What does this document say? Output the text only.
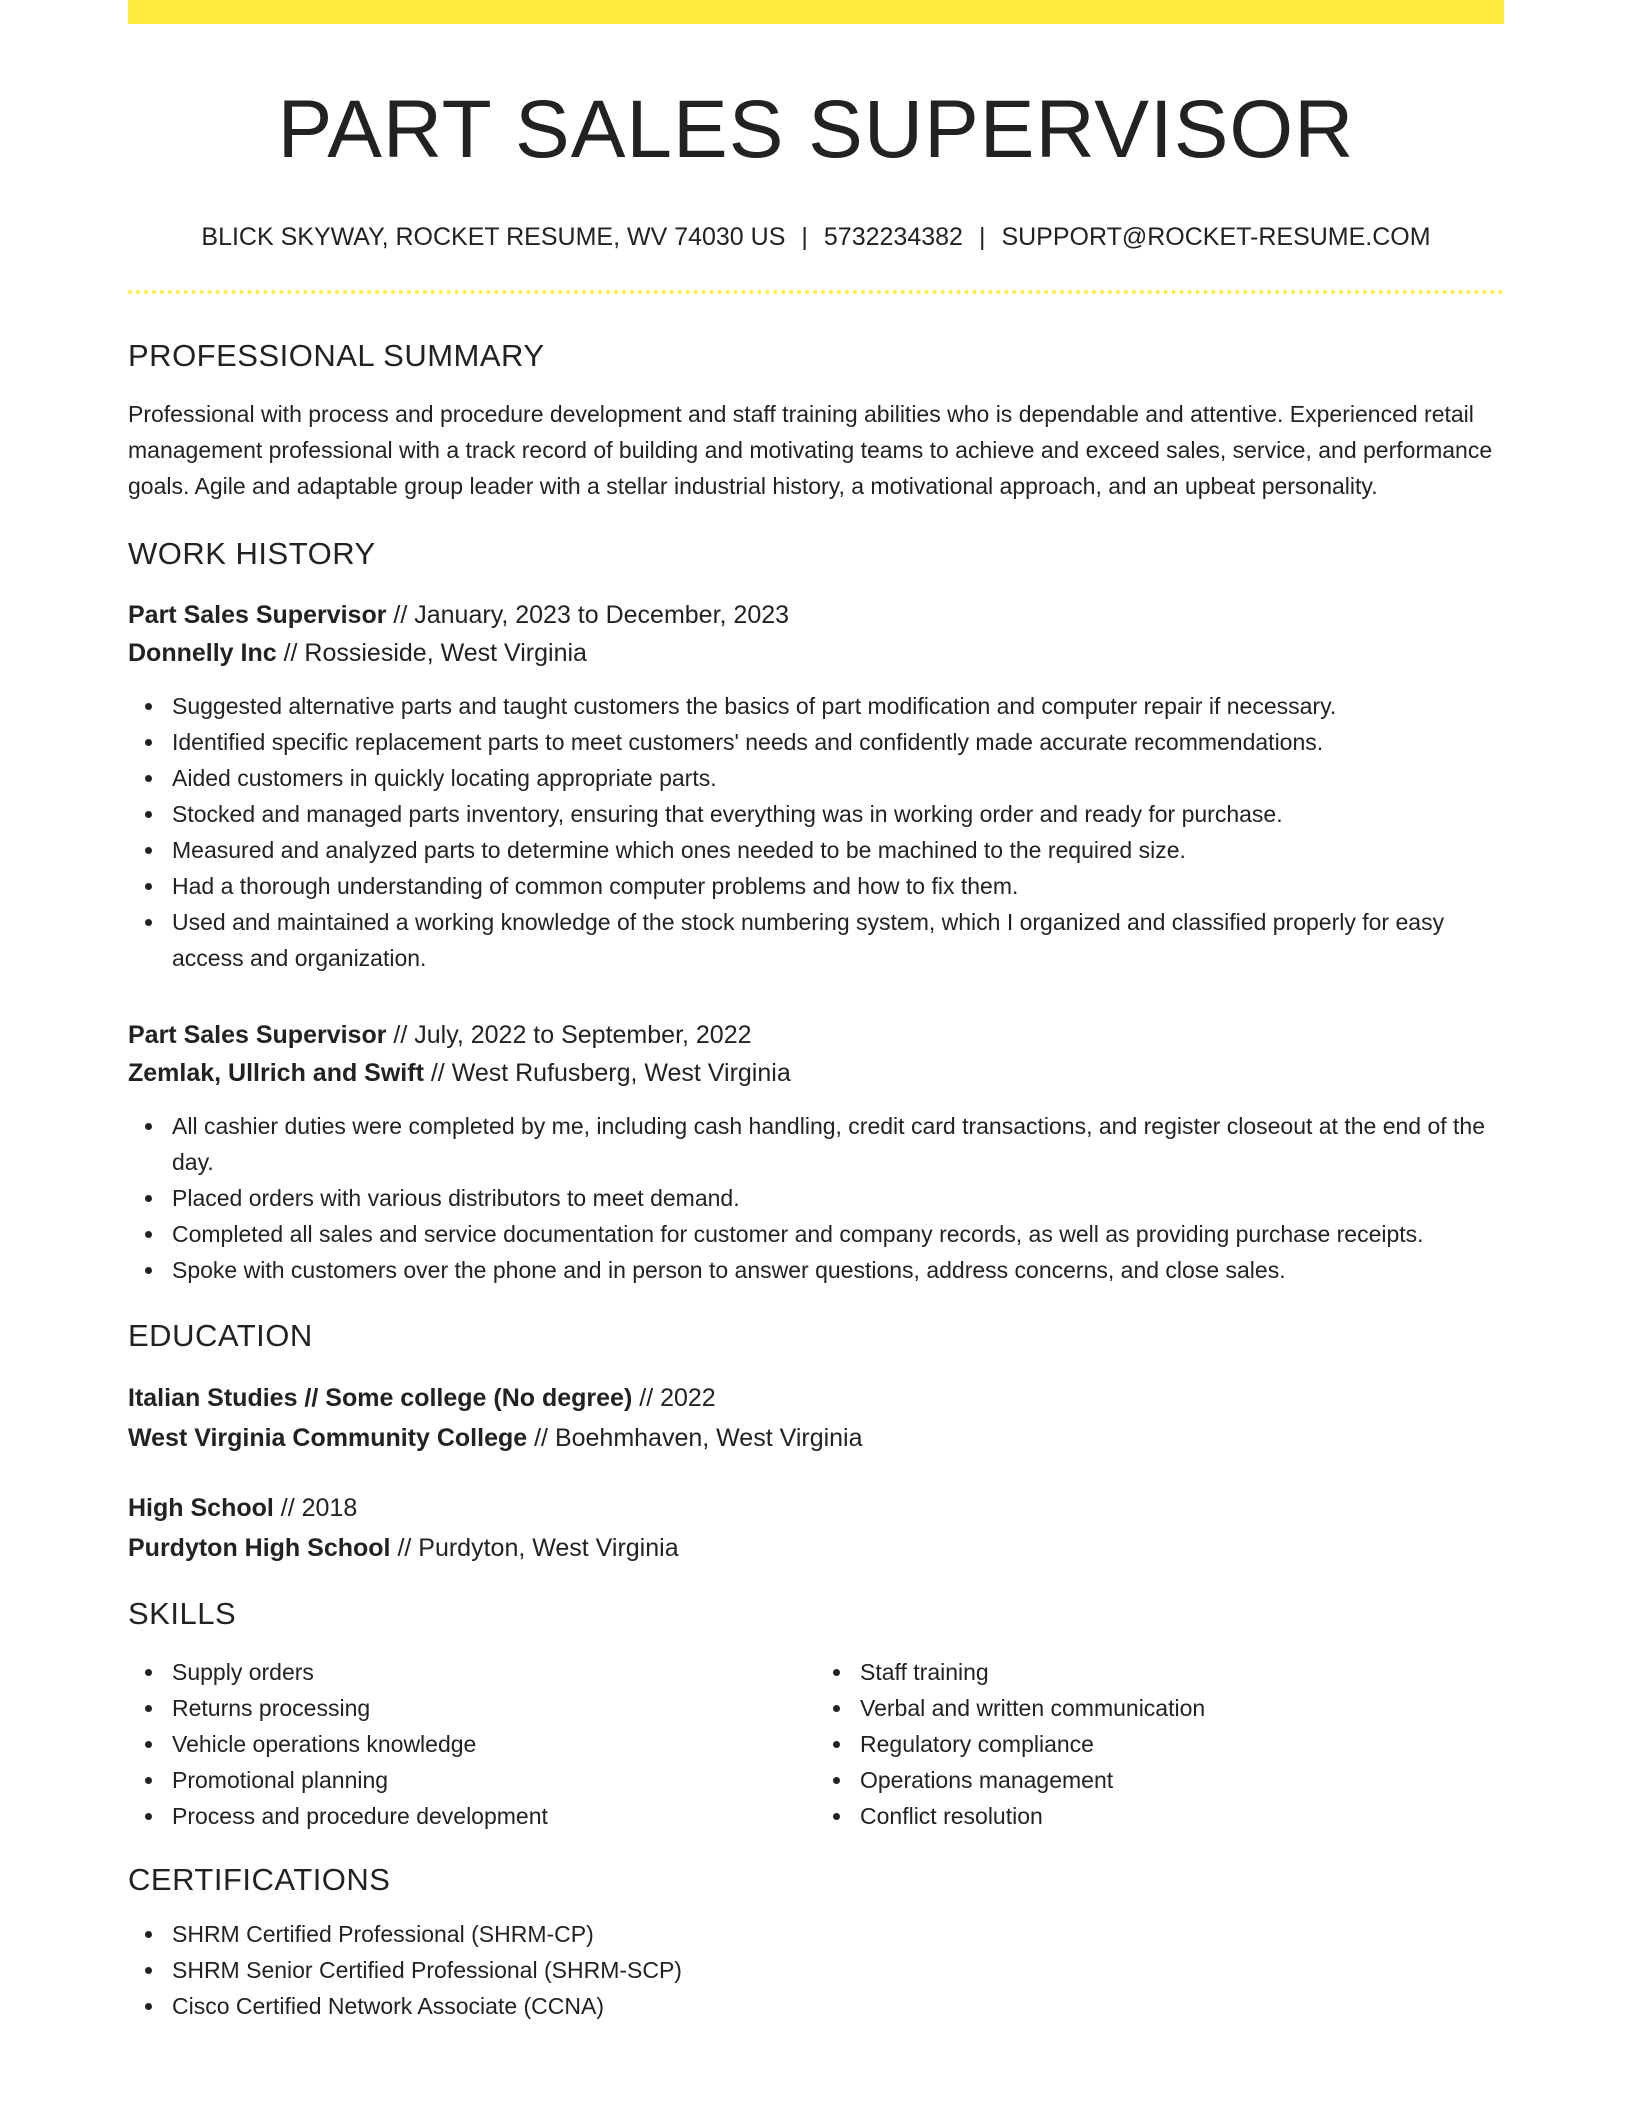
PART SALES SUPERVISOR
BLICK SKYWAY, ROCKET RESUME, WV 74030 US | 5732234382 | SUPPORT@ROCKET-RESUME.COM
PROFESSIONAL SUMMARY
Professional with process and procedure development and staff training abilities who is dependable and attentive. Experienced retail management professional with a track record of building and motivating teams to achieve and exceed sales, service, and performance goals. Agile and adaptable group leader with a stellar industrial history, a motivational approach, and an upbeat personality.
WORK HISTORY
Part Sales Supervisor // January, 2023 to December, 2023
Donnelly Inc // Rossieside, West Virginia
Suggested alternative parts and taught customers the basics of part modification and computer repair if necessary.
Identified specific replacement parts to meet customers' needs and confidently made accurate recommendations.
Aided customers in quickly locating appropriate parts.
Stocked and managed parts inventory, ensuring that everything was in working order and ready for purchase.
Measured and analyzed parts to determine which ones needed to be machined to the required size.
Had a thorough understanding of common computer problems and how to fix them.
Used and maintained a working knowledge of the stock numbering system, which I organized and classified properly for easy access and organization.
Part Sales Supervisor // July, 2022 to September, 2022
Zemlak, Ullrich and Swift // West Rufusberg, West Virginia
All cashier duties were completed by me, including cash handling, credit card transactions, and register closeout at the end of the day.
Placed orders with various distributors to meet demand.
Completed all sales and service documentation for customer and company records, as well as providing purchase receipts.
Spoke with customers over the phone and in person to answer questions, address concerns, and close sales.
EDUCATION
Italian Studies // Some college (No degree) // 2022
West Virginia Community College // Boehmhaven, West Virginia
High School // 2018
Purdyton High School // Purdyton, West Virginia
SKILLS
Supply orders
Returns processing
Vehicle operations knowledge
Promotional planning
Process and procedure development
Staff training
Verbal and written communication
Regulatory compliance
Operations management
Conflict resolution
CERTIFICATIONS
SHRM Certified Professional (SHRM-CP)
SHRM Senior Certified Professional (SHRM-SCP)
Cisco Certified Network Associate (CCNA)
